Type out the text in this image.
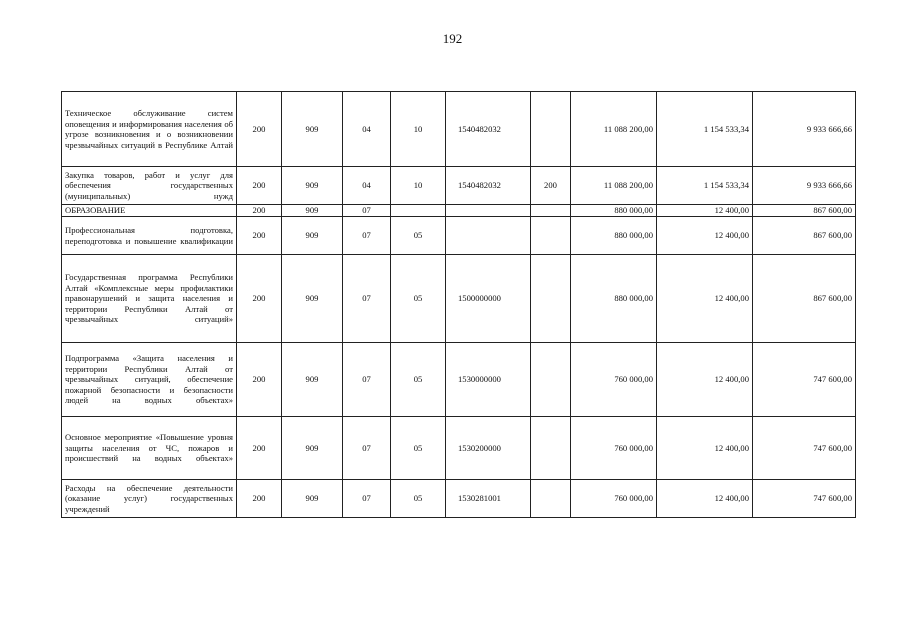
192
Техническое обслуживание систем оповещения и информирования населения об угрозе возникновения и о возникновении чрезвычайных ситуаций в Республике Алтай	200	909	04	10	1540482032		11 088 200,00	1 154 533,34	9 933 666,66
Закупка товаров, работ и услуг для обеспечения государственных (муниципальных) нужд	200	909	04	10	1540482032	200	11 088 200,00	1 154 533,34	9 933 666,66
ОБРАЗОВАНИЕ	200	909	07				880 000,00	12 400,00	867 600,00
Профессиональная подготовка, переподготовка и повышение квалификации	200	909	07	05			880 000,00	12 400,00	867 600,00
Государственная программа Республики Алтай «Комплексные меры профилактики правонарушений и защита населения и территории Республики Алтай от чрезвычайных ситуаций»	200	909	07	05	1500000000		880 000,00	12 400,00	867 600,00
Подпрограмма «Защита населения и территории Республики Алтай от чрезвычайных ситуаций, обеспечение пожарной безопасности и безопасности людей на водных объектах»	200	909	07	05	1530000000		760 000,00	12 400,00	747 600,00
Основное мероприятие «Повышение уровня защиты населения от ЧС, пожаров и происшествий на водных объектах»	200	909	07	05	1530200000		760 000,00	12 400,00	747 600,00
Расходы на обеспечение деятельности (оказание услуг) государственных учреждений	200	909	07	05	1530281001		760 000,00	12 400,00	747 600,00
